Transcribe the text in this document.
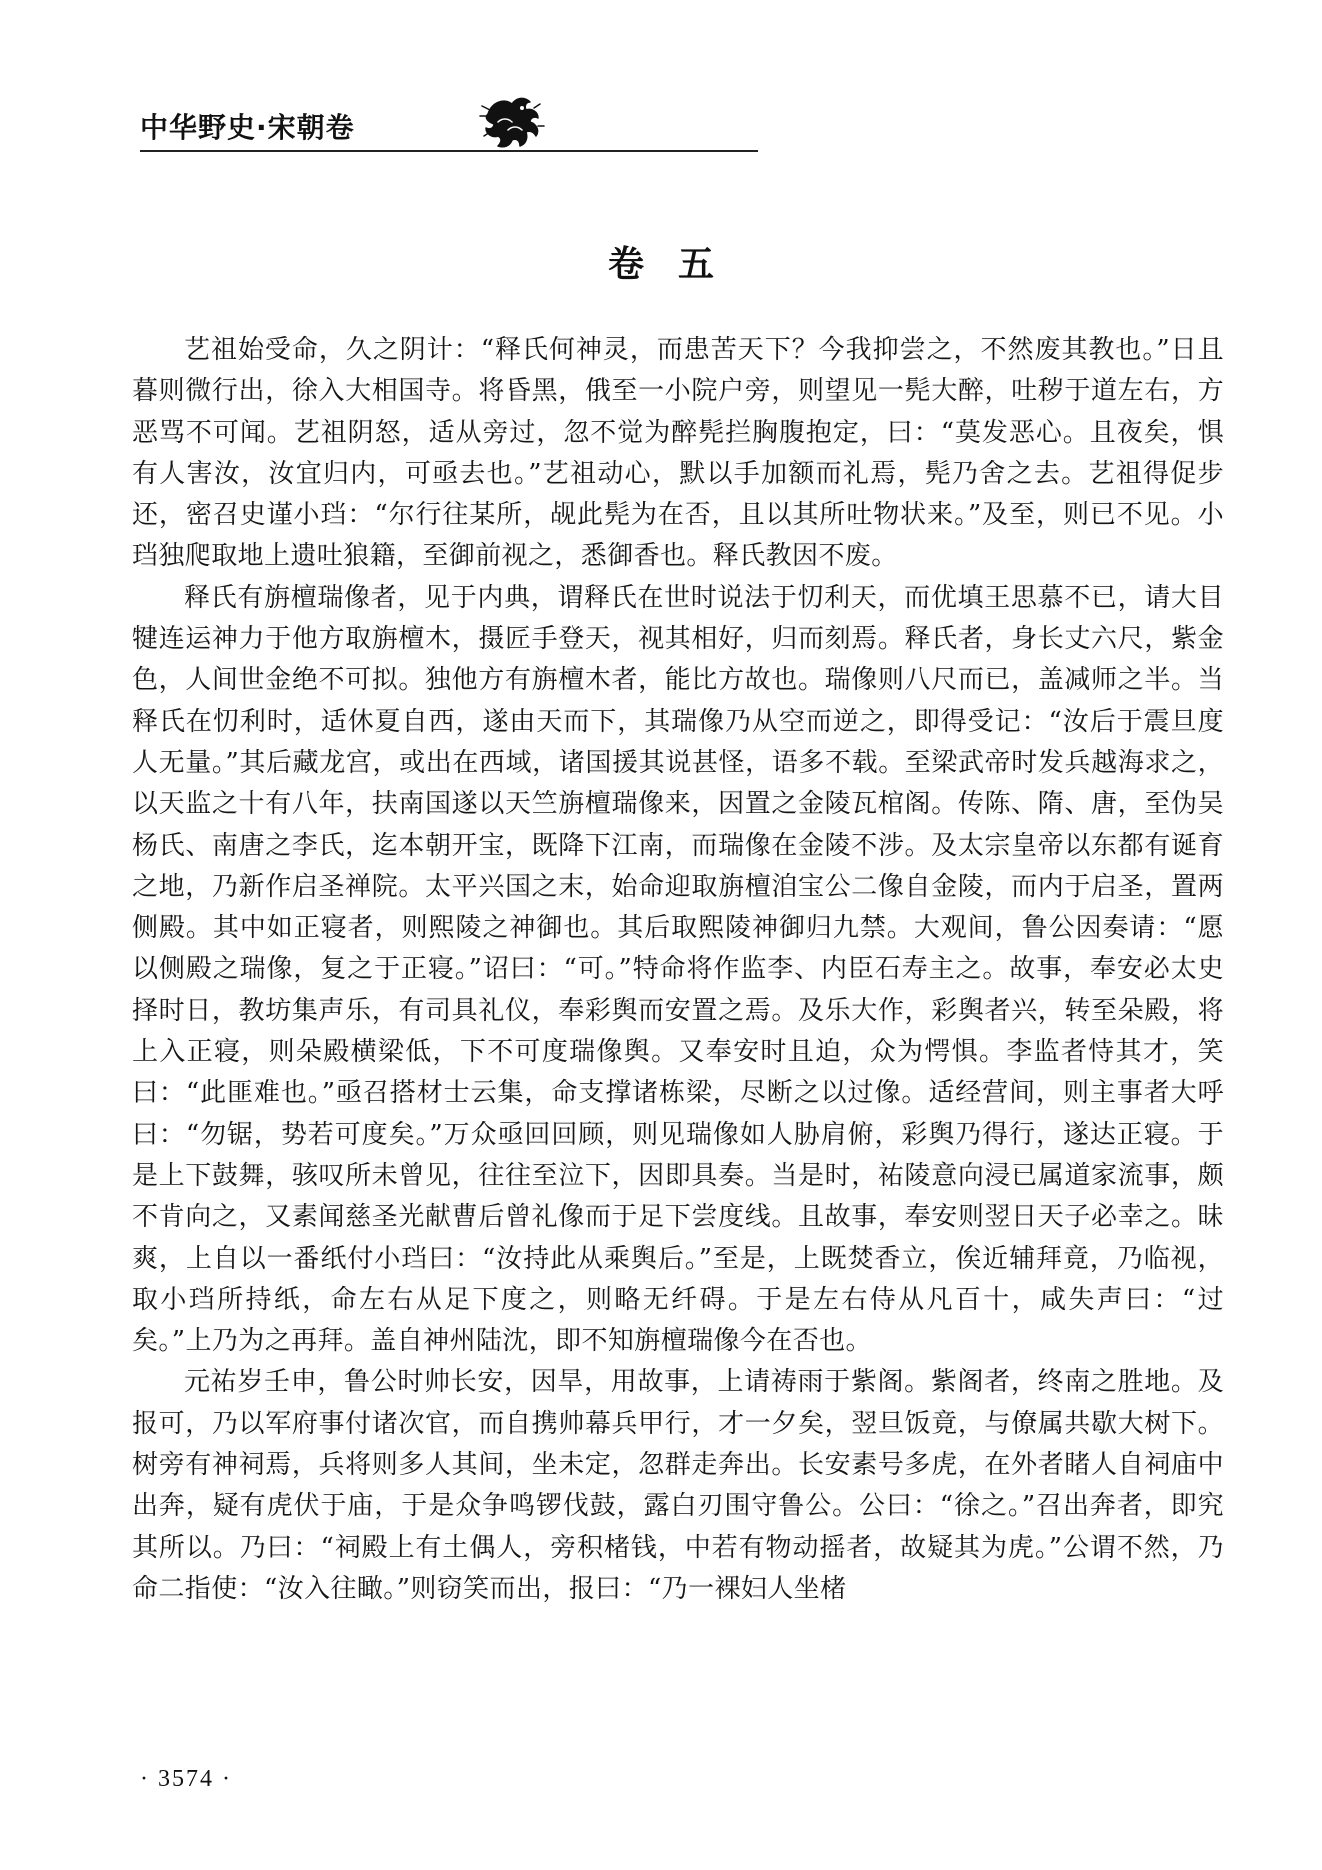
中华野史·宋朝卷
卷五

艺祖始受命，久之阴计：“释氏何神灵，而患苦天下？今我抑尝之，不然废其教也。”日且暮则微行出，徐入大相国寺。将昏黑，俄至一小院户旁，则望见一髡大醉，吐秽于道左右，方恶骂不可闻。艺祖阴怒，适从旁过，忽不觉为醉髡拦胸腹抱定，曰：“莫发恶心。且夜矣，惧有人害汝，汝宜归内，可亟去也。”艺祖动心，默以手加额而礼焉，髡乃舍之去。艺祖得促步还，密召史谨小珰：“尔行往某所，觇此髡为在否，且以其所吐物状来。”及至，则已不见。小珰独爬取地上遗吐狼籍，至御前视之，悉御香也。释氏教因不废。

释氏有旃檀瑞像者，见于内典，谓释氏在世时说法于忉利天，而优填王思慕不已，请大目犍连运神力于他方取旃檀木，摄匠手登天，视其相好，归而刻焉。释氏者，身长丈六尺，紫金色，人间世金绝不可拟。独他方有旃檀木者，能比方故也。瑞像则八尺而已，盖减师之半。当释氏在忉利时，适休夏自西，遂由天而下，其瑞像乃从空而逆之，即得受记：“汝后于震旦度人无量。”其后藏龙宫，或出在西域，诸国援其说甚怪，语多不载。至梁武帝时发兵越海求之，以天监之十有八年，扶南国遂以天竺旃檀瑞像来，因置之金陵瓦棺阁。传陈、隋、唐，至伪吴杨氏、南唐之李氏，迄本朝开宝，既降下江南，而瑞像在金陵不涉。及太宗皇帝以东都有诞育之地，乃新作启圣禅院。太平兴国之末，始命迎取旃檀洎宝公二像自金陵，而内于启圣，置两侧殿。其中如正寝者，则熙陵之神御也。其后取熙陵神御归九禁。大观间，鲁公因奏请：“愿以侧殿之瑞像，复之于正寝。”诏曰：“可。”特命将作监李、内臣石寿主之。故事，奉安必太史择时日，教坊集声乐，有司具礼仪，奉彩舆而安置之焉。及乐大作，彩舆者兴，转至朵殿，将上入正寝，则朵殿横梁低，下不可度瑞像舆。又奉安时且迫，众为愕惧。李监者恃其才，笑曰：“此匪难也。”亟召搭材士云集，命支撑诸栋梁，尽断之以过像。适经营间，则主事者大呼曰：“勿锯，势若可度矣。”万众亟回回顾，则见瑞像如人胁肩俯，彩舆乃得行，遂达正寝。于是上下鼓舞，骇叹所未曾见，往往至泣下，因即具奏。当是时，祐陵意向浸已属道家流事，颇不肯向之，又素闻慈圣光献曹后曾礼像而于足下尝度线。且故事，奉安则翌日天子必幸之。昧爽，上自以一番纸付小珰曰：“汝持此从乘舆后。”至是，上既焚香立，俟近辅拜竟，乃临视，取小珰所持纸，命左右从足下度之，则略无纤碍。于是左右侍从凡百十，咸失声曰：“过矣。”上乃为之再拜。盖自神州陆沈，即不知旃檀瑞像今在否也。

元祐岁壬申，鲁公时帅长安，因旱，用故事，上请祷雨于紫阁。紫阁者，终南之胜地。及报可，乃以军府事付诸次官，而自携帅幕兵甲行，才一夕矣，翌旦饭竟，与僚属共歇大树下。树旁有神祠焉，兵将则多人其间，坐未定，忽群走奔出。长安素号多虎，在外者睹人自祠庙中出奔，疑有虎伏于庙，于是众争鸣锣伐鼓，露白刃围守鲁公。公曰：“徐之。”召出奔者，即究其所以。乃曰：“祠殿上有土偶人，旁积楮钱，中若有物动摇者，故疑其为虎。”公谓不然，乃命二指使：“汝入往瞰。”则窃笑而出，报曰：“乃一裸妇人坐楮

· 3574 ·
